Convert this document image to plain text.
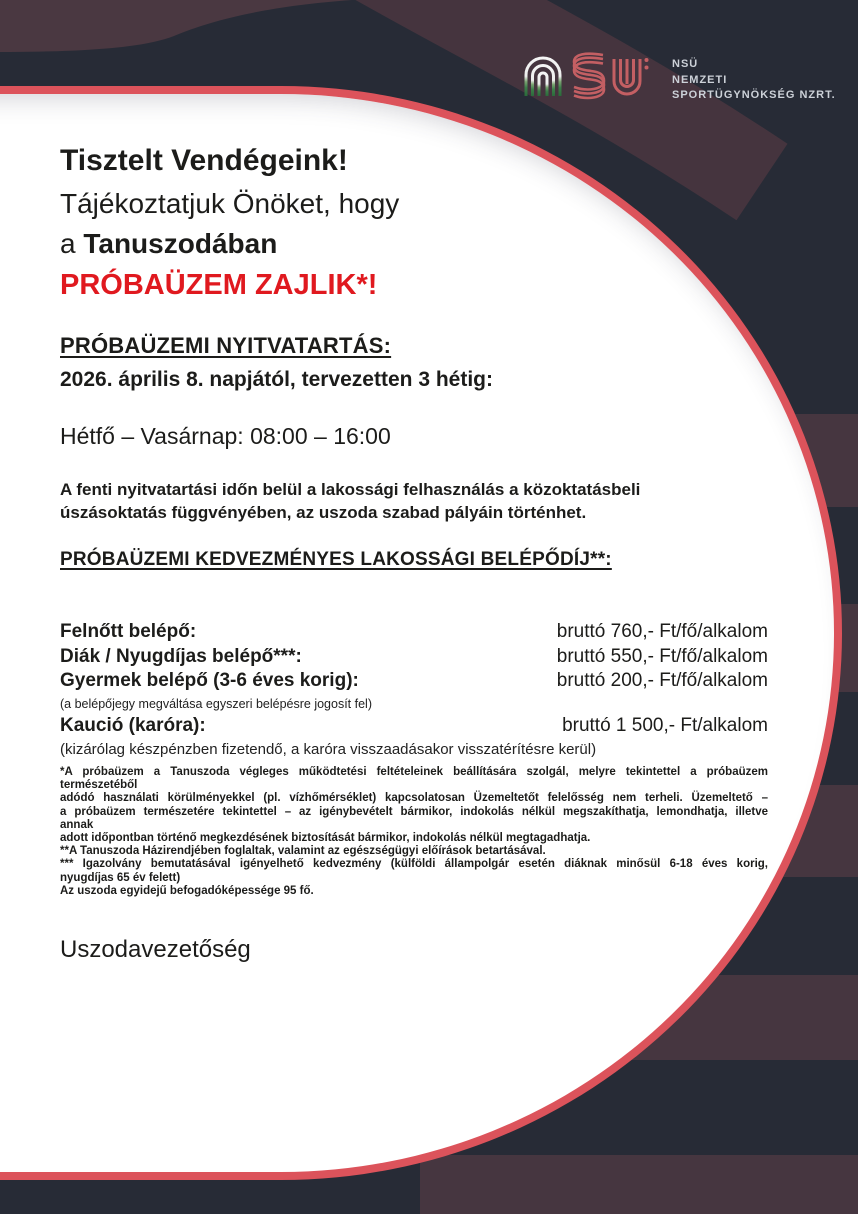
NSÜ
NEMZETI
SPORTÜGYNÖKSÉG NZRT.
Tisztelt Vendégeink!
Tájékoztatjuk Önöket, hogy
a Tanuszodában
PRÓBAÜZEM ZAJLIK*!
PRÓBAÜZEMI NYITVATARTÁS:
2026. április 8. napjától, tervezetten 3 hétig:
Hétfő – Vasárnap: 08:00 – 16:00
A fenti nyitvatartási időn belül a lakossági felhasználás a közoktatásbeli
úszásoktatás függvényében, az uszoda szabad pályáin történhet.
PRÓBAÜZEMI KEDVEZMÉNYES LAKOSSÁGI BELÉPŐDÍJ**:
Felnőtt belépő:	bruttó 760,- Ft/fő/alkalom
Diák / Nyugdíjas belépő***:	bruttó 550,- Ft/fő/alkalom
Gyermek belépő (3-6 éves korig):	bruttó 200,- Ft/fő/alkalom
(a belépőjegy megváltása egyszeri belépésre jogosít fel)
Kaució (karóra):	bruttó 1 500,- Ft/alkalom
(kizárólag készpénzben fizetendő, a karóra visszaadásakor visszatérítésre kerül)
*A próbaüzem a Tanuszoda végleges működtetési feltételeinek beállítására szolgál, melyre tekintettel a próbaüzem
természetéből
adódó használati körülményekkel (pl. vízhőmérséklet) kapcsolatosan Üzemeltetőt felelősség nem terheli. Üzemeltető –
a próbaüzem természetére tekintettel – az igénybevételt bármikor, indokolás nélkül megszakíthatja, lemondhatja, illetve
annak
adott időpontban történő megkezdésének biztosítását bármikor, indokolás nélkül megtagadhatja.
**A Tanuszoda Házirendjében foglaltak, valamint az egészségügyi előírások betartásával.
*** Igazolvány bemutatásával igényelhető kedvezmény (külföldi állampolgár esetén diáknak minősül 6-18 éves korig,
nyugdíjas 65 év felett)
Az uszoda egyidejű befogadóképessége 95 fő.
Uszodavezetőség
